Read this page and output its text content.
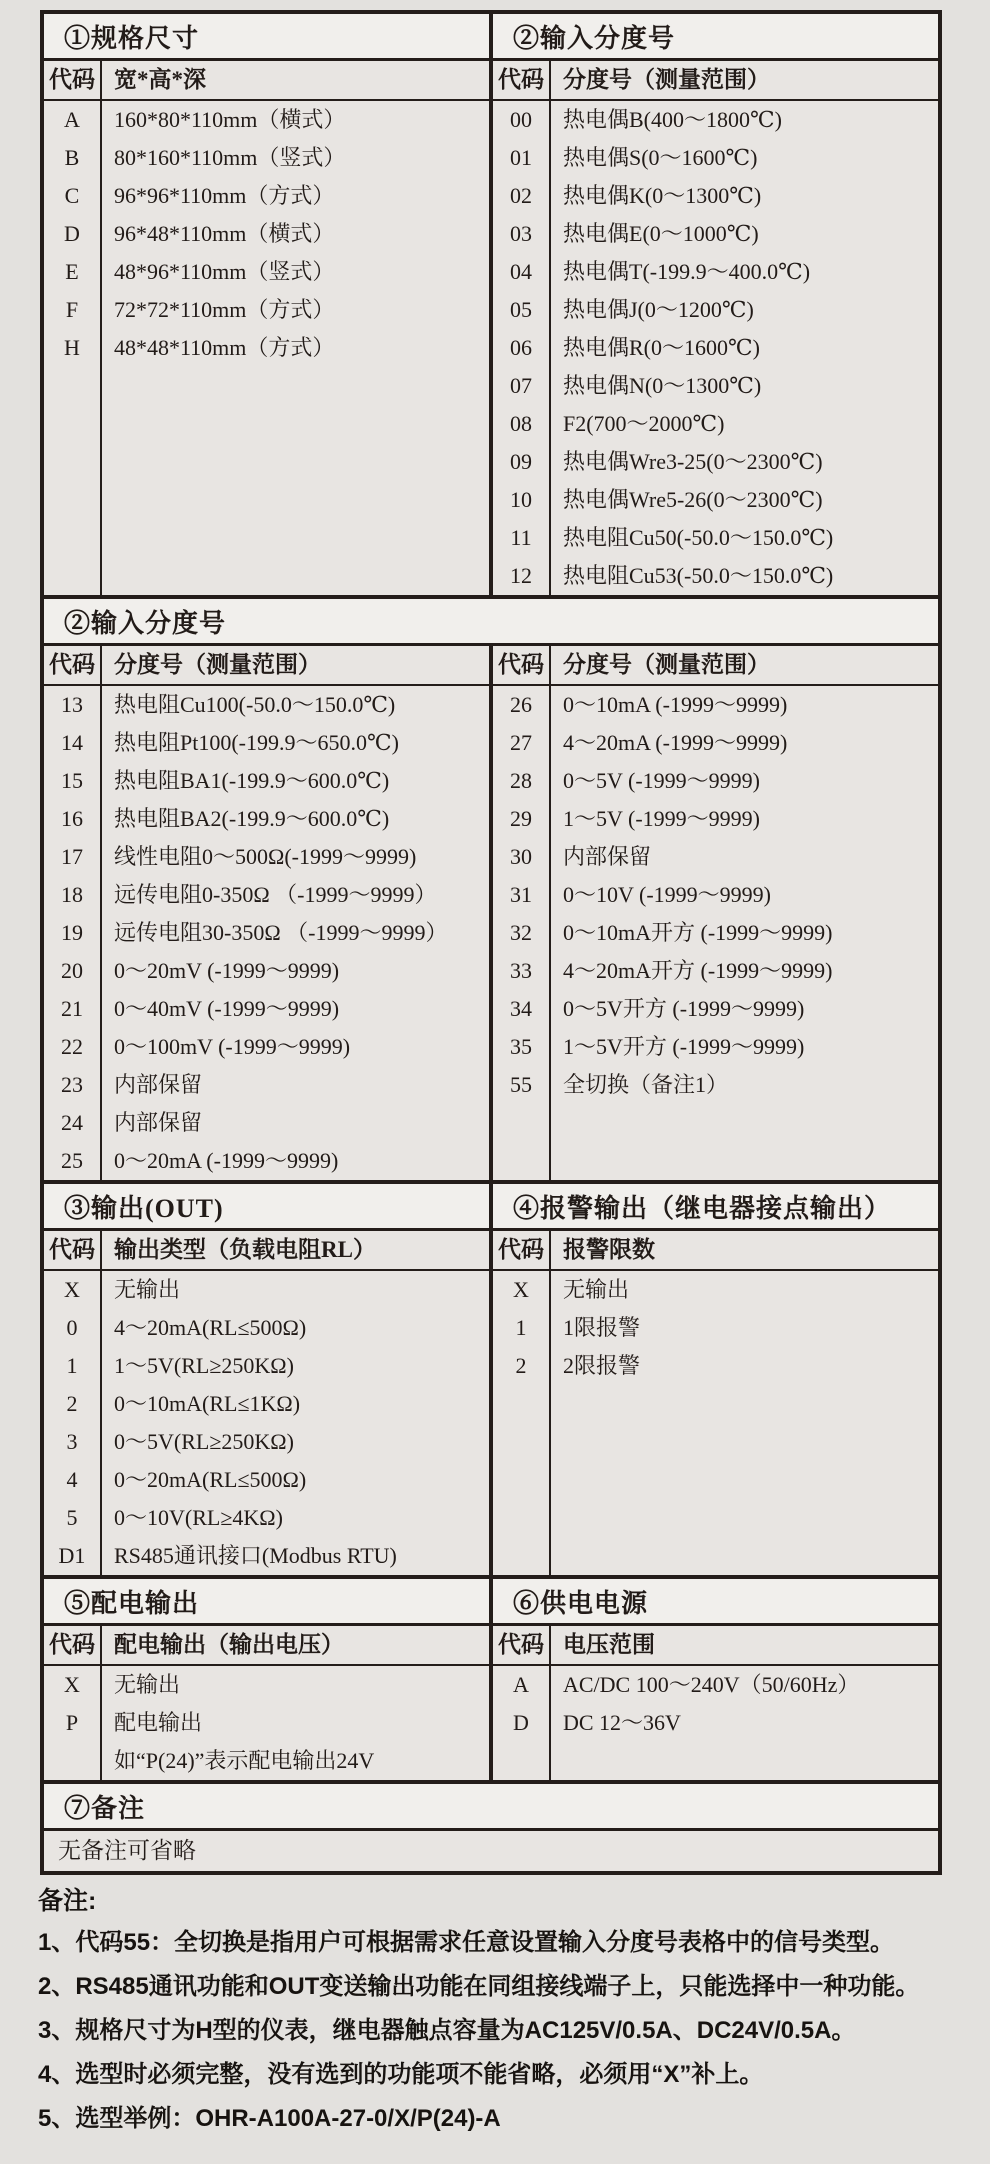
①规格尺寸	②输入分度号
代码 宽*高*深	代码 分度号（测量范围）
A	160*80*110mm（横式）
B	80*160*110mm（竖式）
C	96*96*110mm（方式）
D	96*48*110mm（横式）
E	48*96*110mm（竖式）
F	72*72*110mm（方式）
H	48*48*110mm（方式）
00	热电偶B(400～1800℃)
01	热电偶S(0～1600℃)
02	热电偶K(0～1300℃)
03	热电偶E(0～1000℃)
04	热电偶T(-199.9～400.0℃)
05	热电偶J(0～1200℃)
06	热电偶R(0～1600℃)
07	热电偶N(0～1300℃)
08	F2(700～2000℃)
09	热电偶Wre3-25(0～2300℃)
10	热电偶Wre5-26(0～2300℃)
11	热电阻Cu50(-50.0～150.0℃)
12	热电阻Cu53(-50.0～150.0℃)
②输入分度号
代码 分度号（测量范围）	代码 分度号（测量范围）
13	热电阻Cu100(-50.0～150.0℃)
14	热电阻Pt100(-199.9～650.0℃)
15	热电阻BA1(-199.9～600.0℃)
16	热电阻BA2(-199.9～600.0℃)
17	线性电阻0～500Ω(-1999～9999)
18	远传电阻0-350Ω （-1999～9999）
19	远传电阻30-350Ω （-1999～9999）
20	0～20mV (-1999～9999)
21	0～40mV (-1999～9999)
22	0～100mV (-1999～9999)
23	内部保留
24	内部保留
25	0～20mA (-1999～9999)
26	0～10mA (-1999～9999)
27	4～20mA (-1999～9999)
28	0～5V (-1999～9999)
29	1～5V (-1999～9999)
30	内部保留
31	0～10V (-1999～9999)
32	0～10mA开方 (-1999～9999)
33	4～20mA开方 (-1999～9999)
34	0～5V开方 (-1999～9999)
35	1～5V开方 (-1999～9999)
55	全切换（备注1）
③输出(OUT)	④报警输出（继电器接点输出）
代码 输出类型（负载电阻RL）	代码 报警限数
X	无输出
0	4～20mA(RL≤500Ω)
1	1～5V(RL≥250KΩ)
2	0～10mA(RL≤1KΩ)
3	0～5V(RL≥250KΩ)
4	0～20mA(RL≤500Ω)
5	0～10V(RL≥4KΩ)
D1	RS485通讯接口(Modbus RTU)
X	无输出
1	1限报警
2	2限报警
⑤配电输出	⑥供电电源
代码 配电输出（输出电压）	代码 电压范围
X	无输出
P	配电输出
如“P(24)”表示配电输出24V
A	AC/DC 100～240V（50/60Hz）
D	DC 12～36V
⑦备注
无备注可省略
备注:
1、代码55：全切换是指用户可根据需求任意设置输入分度号表格中的信号类型。
2、RS485通讯功能和OUT变送输出功能在同组接线端子上，只能选择中一种功能。
3、规格尺寸为H型的仪表，继电器触点容量为AC125V/0.5A、DC24V/0.5A。
4、选型时必须完整，没有选到的功能项不能省略，必须用“X”补上。
5、选型举例：OHR-A100A-27-0/X/P(24)-A
